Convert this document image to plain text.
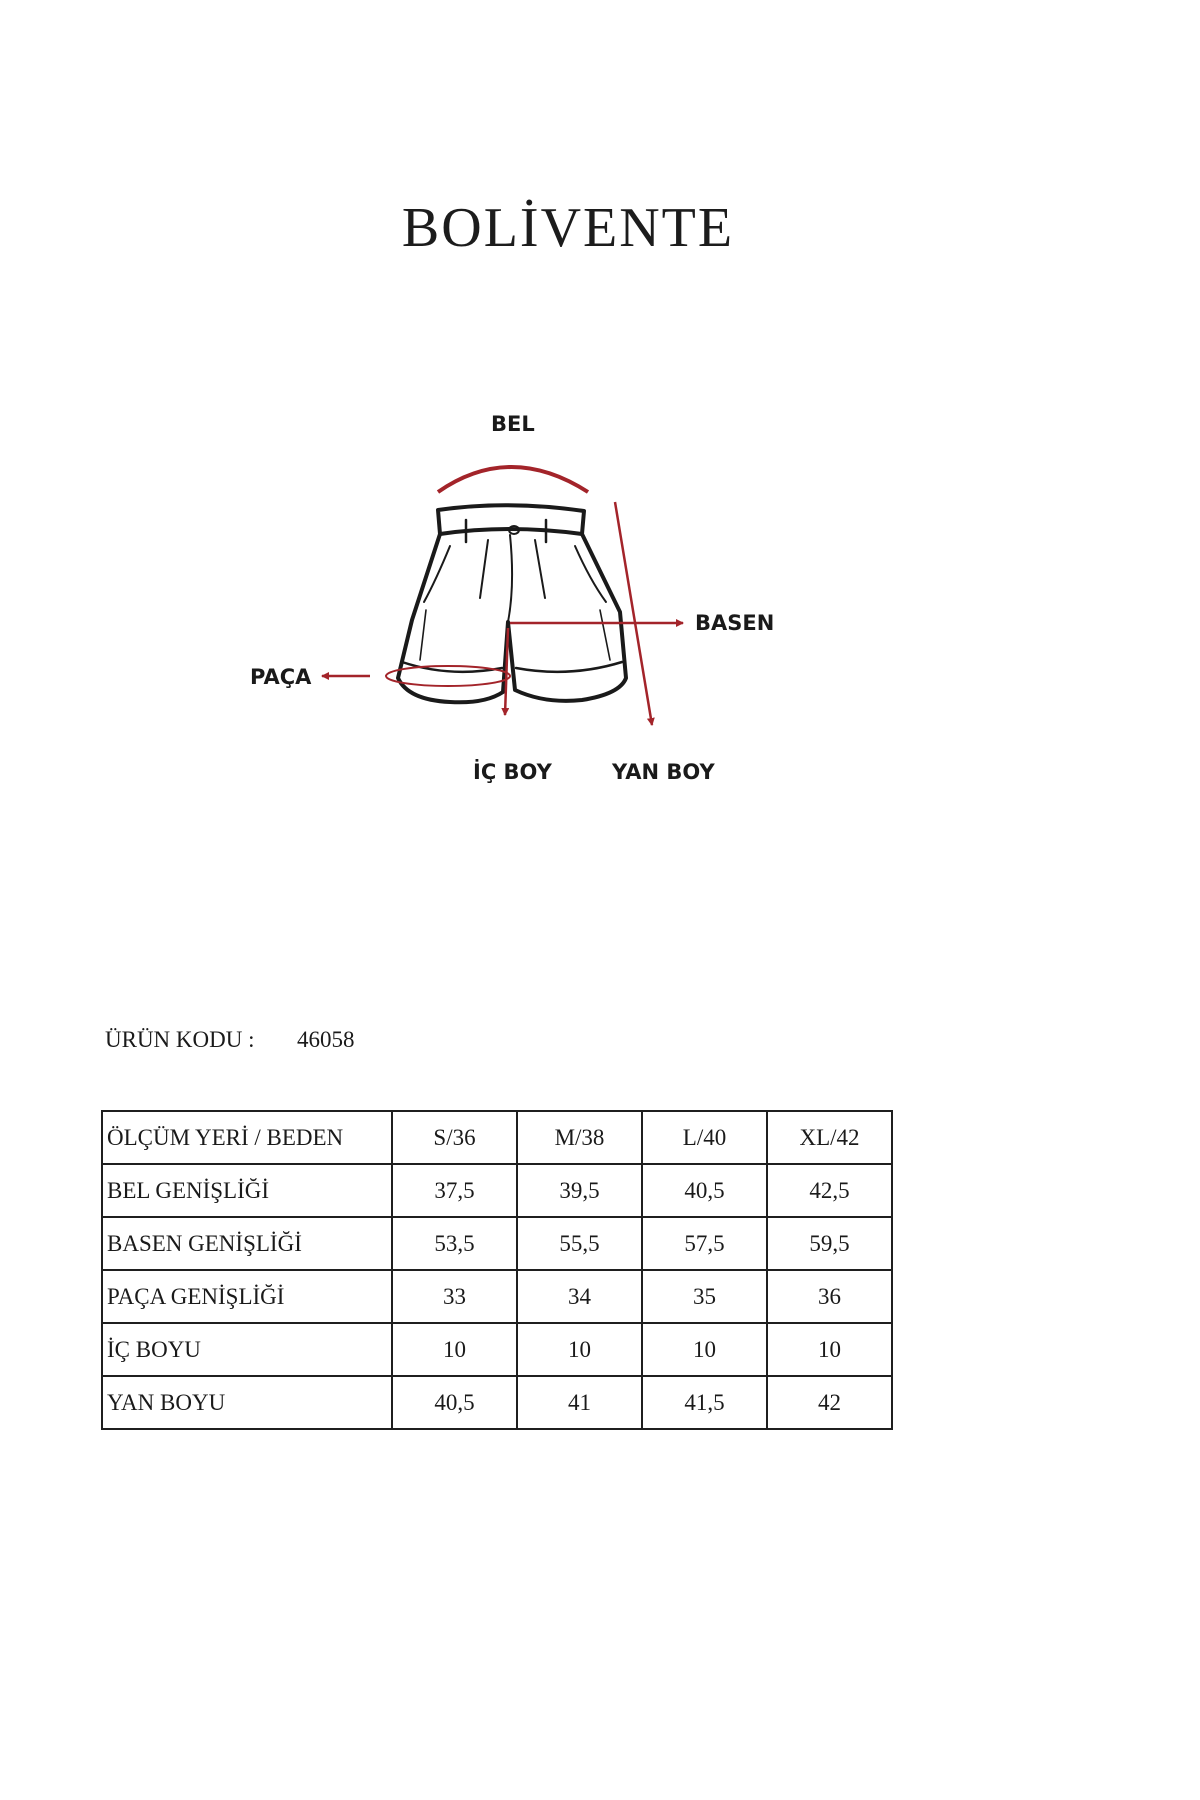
BOLİVENTE
BEL
BASEN
PAÇA
İÇ BOY	YAN BOY
ÜRÜN KODU : 46058
ÖLÇÜM YERİ / BEDEN	S/36	M/38	L/40	XL/42
BEL GENİŞLİĞİ	37,5	39,5	40,5	42,5
BASEN GENİŞLİĞİ	53,5	55,5	57,5	59,5
PAÇA GENİŞLİĞİ	33	34	35	36
İÇ BOYU	10	10	10	10
YAN BOYU	40,5	41	41,5	42
